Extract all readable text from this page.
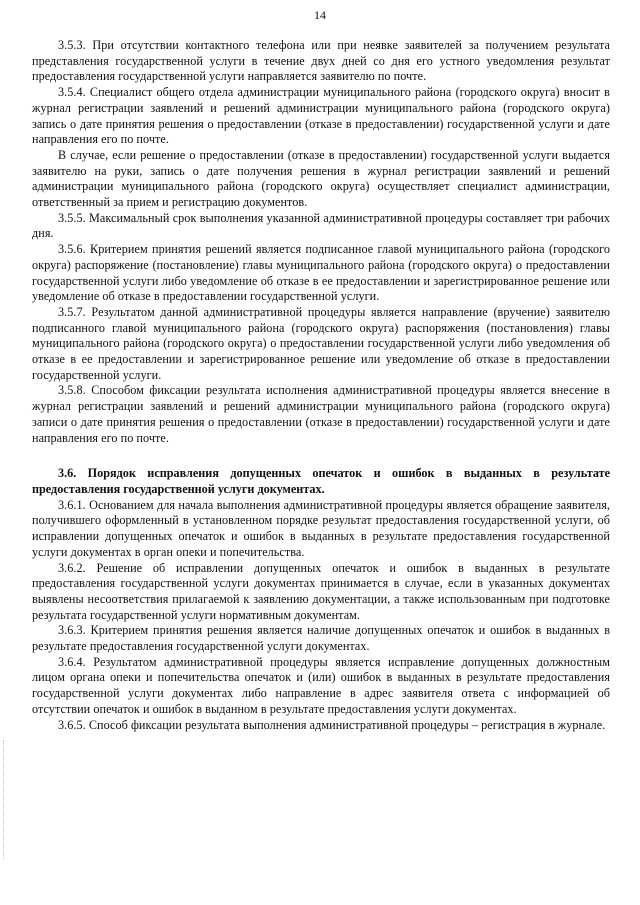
14

3.5.3. При отсутствии контактного телефона или при неявке заявителей за получением результата представления государственной услуги в течение двух дней со дня его устного уведомления результат предоставления государственной услуги направляется заявителю по почте.

3.5.4. Специалист общего отдела администрации муниципального района (городского округа) вносит в журнал регистрации заявлений и решений администрации муниципального района (городского округа) запись о дате принятия решения о предоставлении (отказе в предоставлении) государственной услуги и дате направления его по почте.

В случае, если решение о предоставлении (отказе в предоставлении) государственной услуги выдается заявителю на руки, запись о дате получения решения в журнал регистрации заявлений и решений администрации муниципального района (городского округа) осуществляет специалист администрации, ответственный за прием и регистрацию документов.

3.5.5. Максимальный срок выполнения указанной административной процедуры составляет три рабочих дня.

3.5.6. Критерием принятия решений является подписанное главой муниципального района (городского округа) распоряжение (постановление) главы муниципального района (городского округа) о предоставлении государственной услуги либо уведомление об отказе в ее предоставлении и зарегистрированное решение или уведомление об отказе в предоставлении государственной услуги.

3.5.7. Результатом данной административной процедуры является направление (вручение) заявителю подписанного главой муниципального района (городского округа) распоряжения (постановления) главы муниципального района (городского округа) о предоставлении государственной услуги либо уведомления об отказе в ее предоставлении и зарегистрированное решение или уведомление об отказе в предоставлении государственной услуги.

3.5.8. Способом фиксации результата исполнения административной процедуры является внесение в журнал регистрации заявлений и решений администрации муниципального района (городского округа) записи о дате принятия решения о предоставлении (отказе в предоставлении) государственной услуги и дате направления его по почте.

3.6. Порядок исправления допущенных опечаток и ошибок в выданных в результате предоставления государственной услуги документах.

3.6.1. Основанием для начала выполнения административной процедуры является обращение заявителя, получившего оформленный в установленном порядке результат предоставления государственной услуги, об исправлении допущенных опечаток и ошибок в выданных в результате предоставления государственной услуги документах в орган опеки и попечительства.

3.6.2. Решение об исправлении допущенных опечаток и ошибок в выданных в результате предоставления государственной услуги документах принимается в случае, если в указанных документах выявлены несоответствия прилагаемой к заявлению документации, а также использованным при подготовке результата государственной услуги нормативным документам.

3.6.3. Критерием принятия решения является наличие допущенных опечаток и ошибок в выданных в результате предоставления государственной услуги документах.

3.6.4. Результатом административной процедуры является исправление допущенных должностным лицом органа опеки и попечительства опечаток и (или) ошибок в выданных в результате предоставления государственной услуги документах либо направление в адрес заявителя ответа с информацией об отсутствии опечаток и ошибок в выданном в результате предоставления услуги документах.

3.6.5. Способ фиксации результата выполнения административной процедуры – регистрация в журнале.
